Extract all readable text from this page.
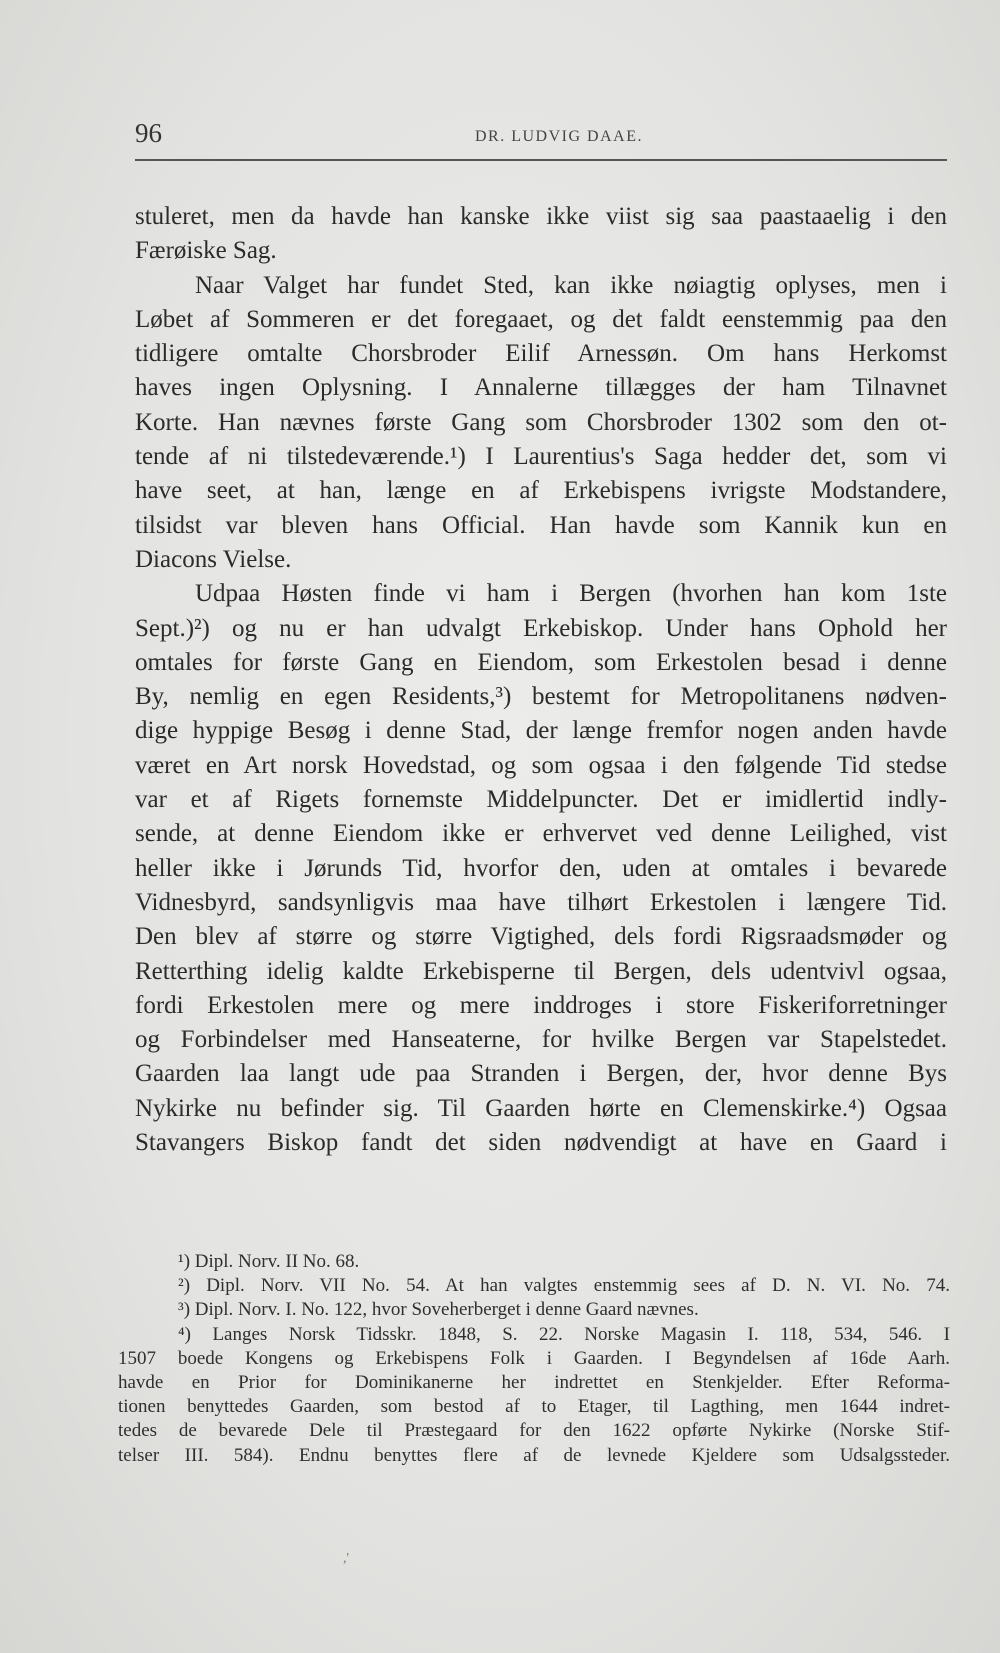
96	DR. LUDVIG DAAE.
stuleret, men da havde han kanske ikke viist sig saa paastaaelig i den
Færøiske Sag.
Naar Valget har fundet Sted, kan ikke nøiagtig oplyses, men i
Løbet af Sommeren er det foregaaet, og det faldt eenstemmig paa den
tidligere omtalte Chorsbroder Eilif Arnessøn. Om hans Herkomst
haves ingen Oplysning. I Annalerne tillægges der ham Tilnavnet
Korte. Han nævnes første Gang som Chorsbroder 1302 som den ot-
tende af ni tilstedeværende.¹) I Laurentius's Saga hedder det, som vi
have seet, at han, længe en af Erkebispens ivrigste Modstandere,
tilsidst var bleven hans Official. Han havde som Kannik kun en
Diacons Vielse.
Udpaa Høsten finde vi ham i Bergen (hvorhen han kom 1ste
Sept.)²) og nu er han udvalgt Erkebiskop. Under hans Ophold her
omtales for første Gang en Eiendom, som Erkestolen besad i denne
By, nemlig en egen Residents,³) bestemt for Metropolitanens nødven-
dige hyppige Besøg i denne Stad, der længe fremfor nogen anden havde
været en Art norsk Hovedstad, og som ogsaa i den følgende Tid stedse
var et af Rigets fornemste Middelpuncter. Det er imidlertid indly-
sende, at denne Eiendom ikke er erhvervet ved denne Leilighed, vist
heller ikke i Jørunds Tid, hvorfor den, uden at omtales i bevarede
Vidnesbyrd, sandsynligvis maa have tilhørt Erkestolen i længere Tid.
Den blev af større og større Vigtighed, dels fordi Rigsraadsmøder og
Retterthing idelig kaldte Erkebisperne til Bergen, dels udentvivl ogsaa,
fordi Erkestolen mere og mere inddroges i store Fiskeriforretninger
og Forbindelser med Hanseaterne, for hvilke Bergen var Stapelstedet.
Gaarden laa langt ude paa Stranden i Bergen, der, hvor denne Bys
Nykirke nu befinder sig. Til Gaarden hørte en Clemenskirke.⁴) Ogsaa
Stavangers Biskop fandt det siden nødvendigt at have en Gaard i
¹) Dipl. Norv. II No. 68.
²) Dipl. Norv. VII No. 54. At han valgtes enstemmig sees af D. N. VI. No. 74.
³) Dipl. Norv. I. No. 122, hvor Soveherberget i denne Gaard nævnes.
⁴) Langes Norsk Tidsskr. 1848, S. 22. Norske Magasin I. 118, 534, 546. I
1507 boede Kongens og Erkebispens Folk i Gaarden. I Begyndelsen af 16de Aarh.
havde en Prior for Dominikanerne her indrettet en Stenkjelder. Efter Reforma-
tionen benyttedes Gaarden, som bestod af to Etager, til Lagthing, men 1644 indret-
tedes de bevarede Dele til Præstegaard for den 1622 opførte Nykirke (Norske Stif-
telser III. 584). Endnu benyttes flere af de levnede Kjeldere som Udsalgssteder.
,'
